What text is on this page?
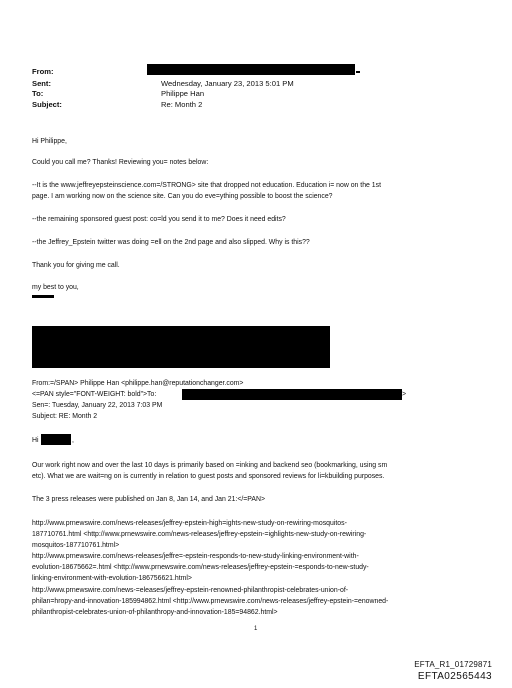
From:
Sent:
To:
Subject:
Wednesday, January 23, 2013 5:01 PM
Philippe Han
Re: Month 2
Hi Philippe,
Could you call me? Thanks! Reviewing you= notes below:
--It is the www.jeffreyepsteinscience.com=/STRONG> site that dropped not education. Education i= now on the 1st
page. I am working now on the science site. Can you do eve=ything possible to boost the science?
--the remaining sponsored guest post: co=ld you send it to me? Does it need edits?
--the Jeffrey_Epstein twitter was doing =ell on the 2nd page and also slipped. Why is this??
Thank you for giving me call.
my best to you,
From:=/SPAN> Philippe Han <philippe.han@reputationchanger.com>
<=PAN style="FONT-WEIGHT: bold">To:	>
Sen=: Tuesday, January 22, 2013 7:03 PM
Subject: RE: Month 2
Hi	,
Our work right now and over the last 10 days is primarily based on =inking and backend seo (bookmarking, using sm
etc). What we are wait=ng on is currently in relation to guest posts and sponsored reviews for li=kbuilding purposes.
The 3 press releases were published on Jan 8, Jan 14, and Jan 21:</=PAN>
http://www.prnewswire.com/news-releases/jeffrey-epstein-high=ights-new-study-on-rewiring-mosquitos-
187710761.html <http://www.prnewswire.com/news-releases/jeffrey-epstein-=ighlights-new-study-on-rewiring-
mosquitos-187710761.html>
http://www.prnewswire.com/news-releases/jeffre=-epstein-responds-to-new-study-linking-environment-with-
evolution-18675662=.html <http://www.prnewswire.com/news-releases/jeffrey-epstein-=esponds-to-new-study-
linking-environment-with-evolution-186756621.html>
http://www.prnewswire.com/news-=eleases/jeffrey-epstein-renowned-philanthropist-celebrates-union-of-
philan=hropy-and-innovation-185994862.html <http://www.prnewswire.com/news-releases/jeffrey-epstein-=enowned-
philanthropist-celebrates-union-of-philanthropy-and-innovation-185=94862.html>
1
EFTA_R1_01729871
EFTA02565443
